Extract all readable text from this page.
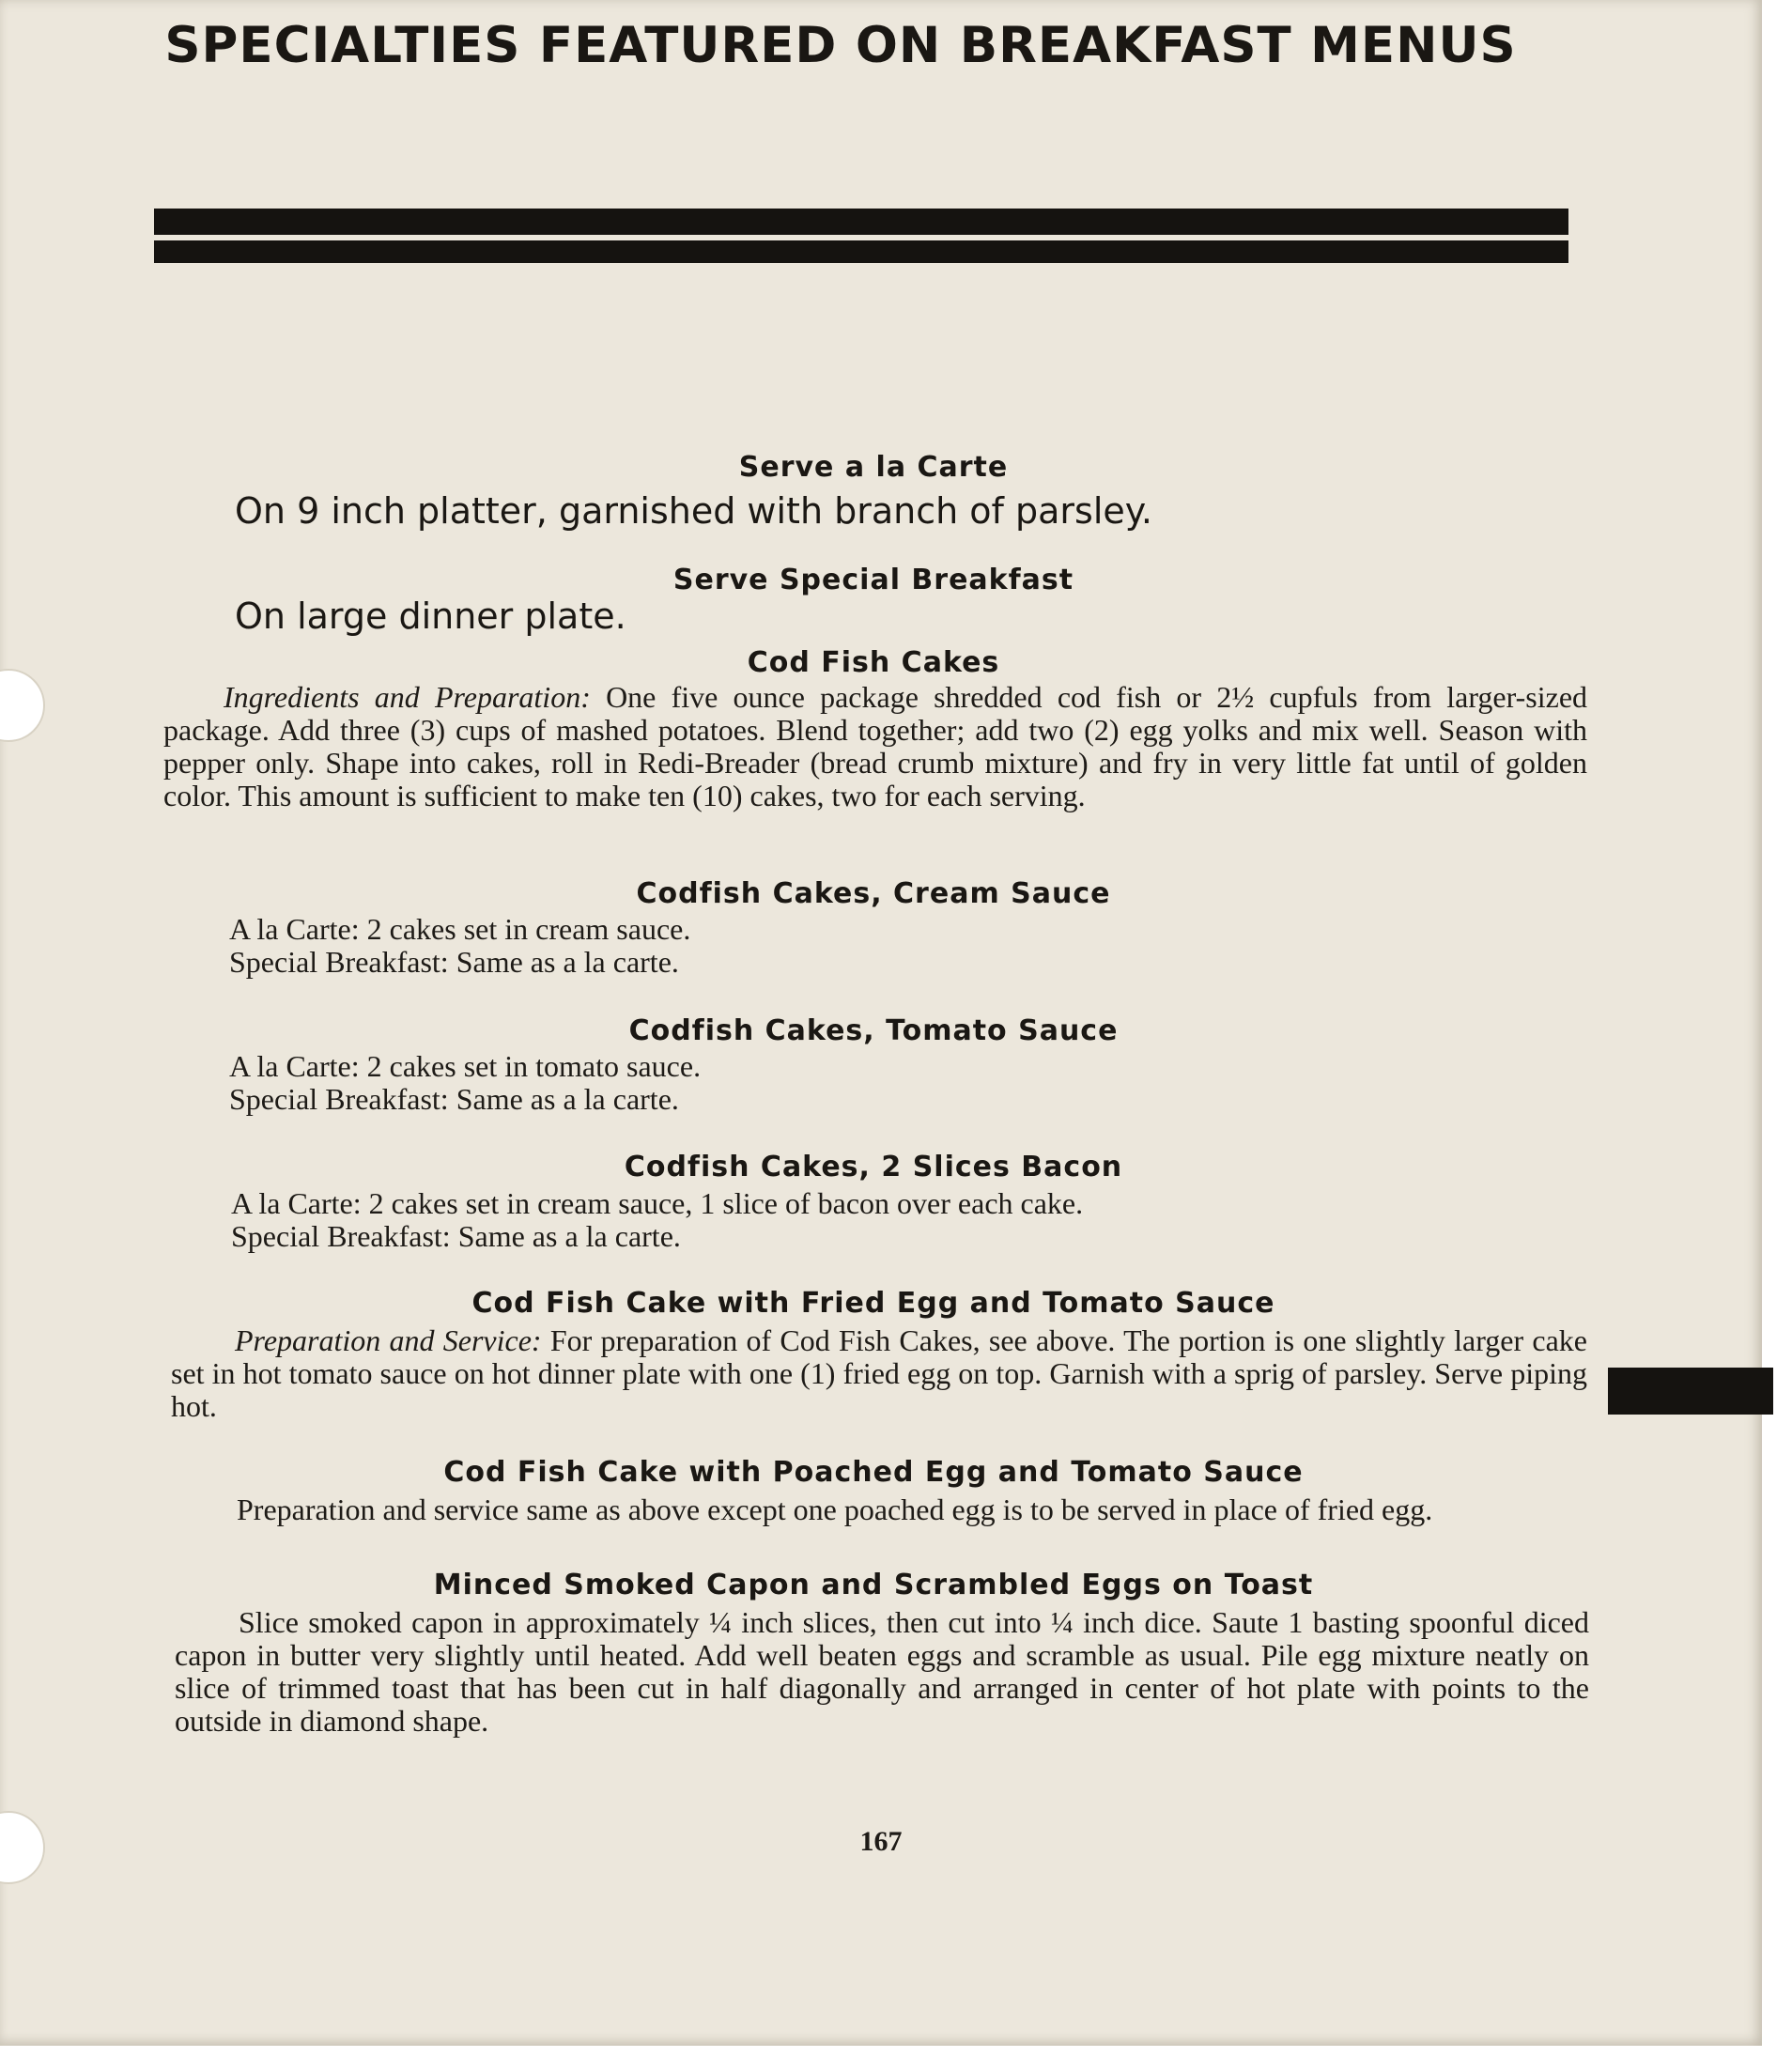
SPECIALTIES FEATURED ON BREAKFAST MENUS
Serve a la Carte
On 9 inch platter, garnished with branch of parsley.
Serve Special Breakfast
On large dinner plate.
Cod Fish Cakes
Ingredients and Preparation: One five ounce package shredded cod fish or 2½ cupfuls from larger-sized package. Add three (3) cups of mashed potatoes. Blend together; add two (2) egg yolks and mix well. Season with pepper only. Shape into cakes, roll in Redi-Breader (bread crumb mixture) and fry in very little fat until of golden color. This amount is sufficient to make ten (10) cakes, two for each serving.
Codfish Cakes, Cream Sauce
A la Carte: 2 cakes set in cream sauce.
Special Breakfast: Same as a la carte.
Codfish Cakes, Tomato Sauce
A la Carte: 2 cakes set in tomato sauce.
Special Breakfast: Same as a la carte.
Codfish Cakes, 2 Slices Bacon
A la Carte: 2 cakes set in cream sauce, 1 slice of bacon over each cake.
Special Breakfast: Same as a la carte.
Cod Fish Cake with Fried Egg and Tomato Sauce
Preparation and Service: For preparation of Cod Fish Cakes, see above. The portion is one slightly larger cake set in hot tomato sauce on hot dinner plate with one (1) fried egg on top. Garnish with a sprig of parsley. Serve piping hot.
Cod Fish Cake with Poached Egg and Tomato Sauce
Preparation and service same as above except one poached egg is to be served in place of fried egg.
Minced Smoked Capon and Scrambled Eggs on Toast
Slice smoked capon in approximately ¼ inch slices, then cut into ¼ inch dice. Saute 1 basting spoonful diced capon in butter very slightly until heated. Add well beaten eggs and scramble as usual. Pile egg mixture neatly on slice of trimmed toast that has been cut in half diagonally and arranged in center of hot plate with points to the outside in diamond shape.
167
